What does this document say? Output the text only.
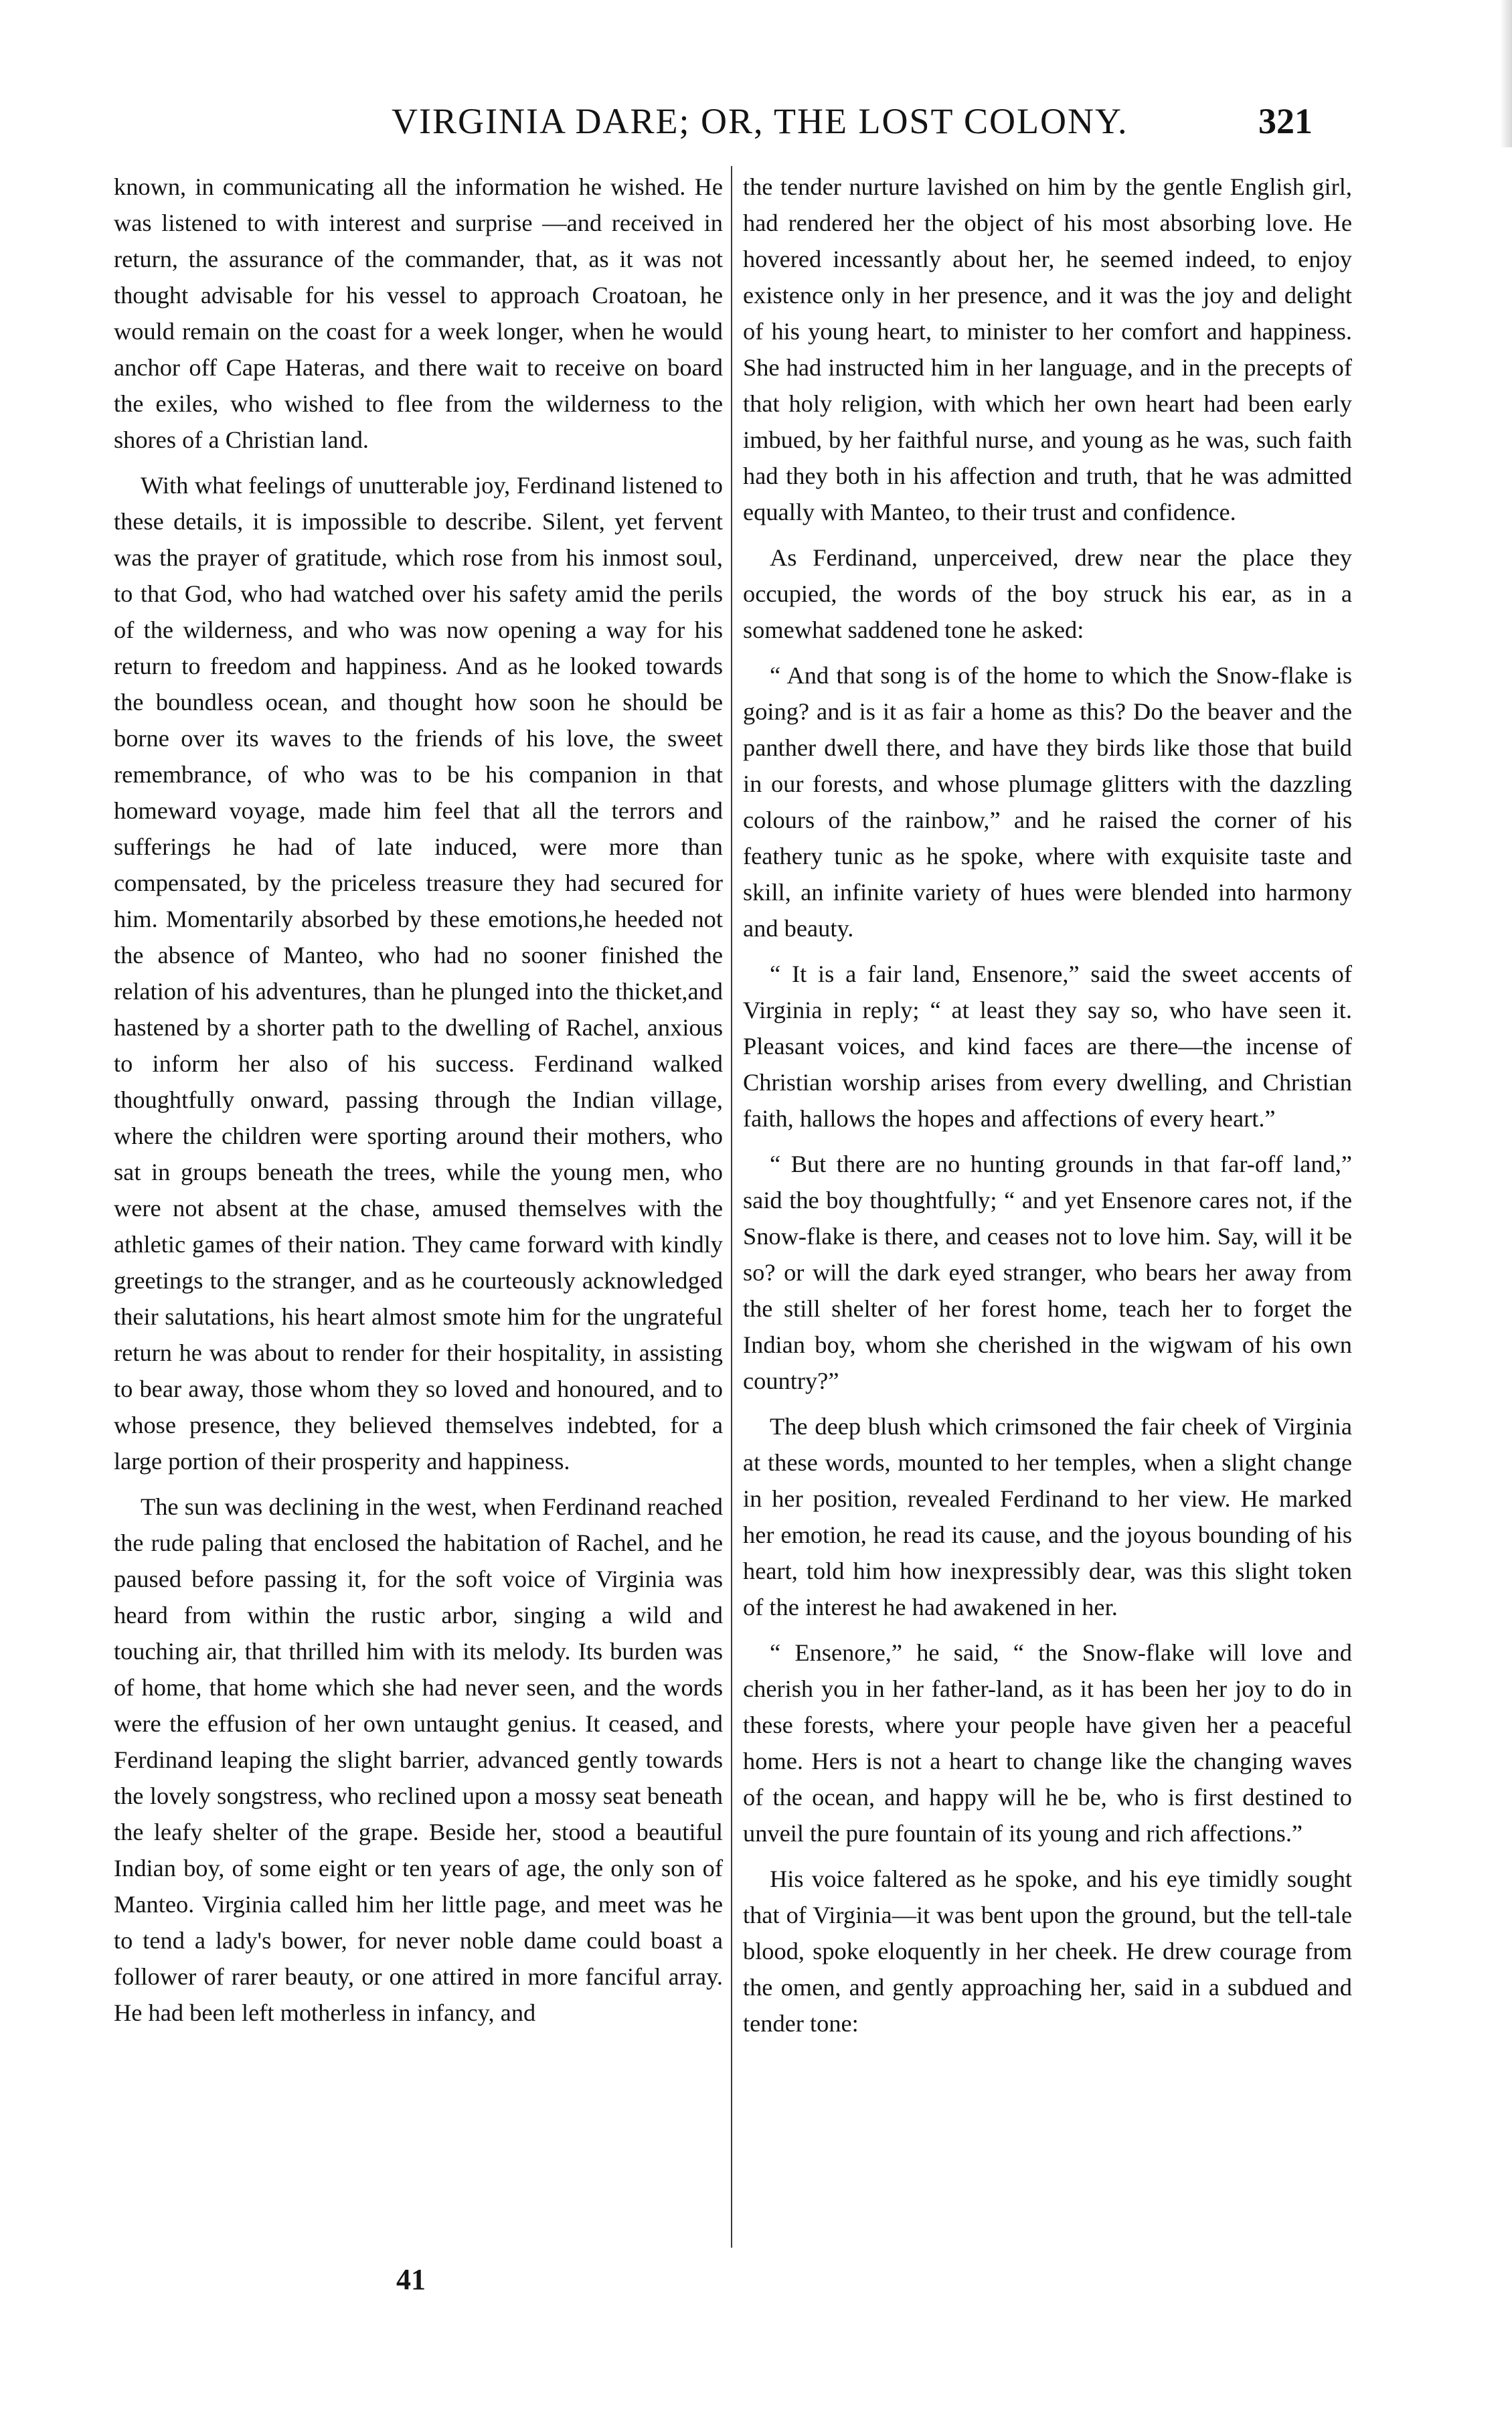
VIRGINIA DARE; OR, THE LOST COLONY.	321

known, in communicating all the information he wished. He was listened to with interest and surprise —and received in return, the assurance of the commander, that, as it was not thought advisable for his vessel to approach Croatoan, he would remain on the coast for a week longer, when he would anchor off Cape Hateras, and there wait to receive on board the exiles, who wished to flee from the wilderness to the shores of a Christian land.

With what feelings of unutterable joy, Ferdinand listened to these details, it is impossible to describe. Silent, yet fervent was the prayer of gratitude, which rose from his inmost soul, to that God, who had watched over his safety amid the perils of the wilderness, and who was now opening a way for his return to freedom and happiness. And as he looked towards the boundless ocean, and thought how soon he should be borne over its waves to the friends of his love, the sweet remembrance, of who was to be his companion in that homeward voyage, made him feel that all the terrors and sufferings he had of late induced, were more than compensated, by the priceless treasure they had secured for him. Momentarily absorbed by these emotions,he heeded not the absence of Manteo, who had no sooner finished the relation of his adventures, than he plunged into the thicket,and hastened by a shorter path to the dwelling of Rachel, anxious to inform her also of his success. Ferdinand walked thoughtfully onward, passing through the Indian village, where the children were sporting around their mothers, who sat in groups beneath the trees, while the young men, who were not absent at the chase, amused themselves with the athletic games of their nation. They came forward with kindly greetings to the stranger, and as he courteously acknowledged their salutations, his heart almost smote him for the ungrateful return he was about to render for their hospitality, in assisting to bear away, those whom they so loved and honoured, and to whose presence, they believed themselves indebted, for a large portion of their prosperity and happiness.

The sun was declining in the west, when Ferdinand reached the rude paling that enclosed the habitation of Rachel, and he paused before passing it, for the soft voice of Virginia was heard from within the rustic arbor, singing a wild and touching air, that thrilled him with its melody. Its burden was of home, that home which she had never seen, and the words were the effusion of her own untaught genius. It ceased, and Ferdinand leaping the slight barrier, advanced gently towards the lovely songstress, who reclined upon a mossy seat beneath the leafy shelter of the grape. Beside her, stood a beautiful Indian boy, of some eight or ten years of age, the only son of Manteo. Virginia called him her little page, and meet was he to tend a lady's bower, for never noble dame could boast a follower of rarer beauty, or one attired in more fanciful array. He had been left motherless in infancy, and

the tender nurture lavished on him by the gentle English girl, had rendered her the object of his most absorbing love. He hovered incessantly about her, he seemed indeed, to enjoy existence only in her presence, and it was the joy and delight of his young heart, to minister to her comfort and happiness. She had instructed him in her language, and in the precepts of that holy religion, with which her own heart had been early imbued, by her faithful nurse, and young as he was, such faith had they both in his affection and truth, that he was admitted equally with Manteo, to their trust and confidence.

As Ferdinand, unperceived, drew near the place they occupied, the words of the boy struck his ear, as in a somewhat saddened tone he asked:

“ And that song is of the home to which the Snow-flake is going? and is it as fair a home as this? Do the beaver and the panther dwell there, and have they birds like those that build in our forests, and whose plumage glitters with the dazzling colours of the rainbow,” and he raised the corner of his feathery tunic as he spoke, where with exquisite taste and skill, an infinite variety of hues were blended into harmony and beauty.

“ It is a fair land, Ensenore,” said the sweet accents of Virginia in reply; “ at least they say so, who have seen it. Pleasant voices, and kind faces are there—the incense of Christian worship arises from every dwelling, and Christian faith, hallows the hopes and affections of every heart.”

“ But there are no hunting grounds in that far-off land,” said the boy thoughtfully; “ and yet Ensenore cares not, if the Snow-flake is there, and ceases not to love him. Say, will it be so? or will the dark eyed stranger, who bears her away from the still shelter of her forest home, teach her to forget the Indian boy, whom she cherished in the wigwam of his own country?”

The deep blush which crimsoned the fair cheek of Virginia at these words, mounted to her temples, when a slight change in her position, revealed Ferdinand to her view. He marked her emotion, he read its cause, and the joyous bounding of his heart, told him how inexpressibly dear, was this slight token of the interest he had awakened in her.

“ Ensenore,” he said, “ the Snow-flake will love and cherish you in her father-land, as it has been her joy to do in these forests, where your people have given her a peaceful home. Hers is not a heart to change like the changing waves of the ocean, and happy will he be, who is first destined to unveil the pure fountain of its young and rich affections.”

His voice faltered as he spoke, and his eye timidly sought that of Virginia—it was bent upon the ground, but the tell-tale blood, spoke eloquently in her cheek. He drew courage from the omen, and gently approaching her, said in a subdued and tender tone:

41
